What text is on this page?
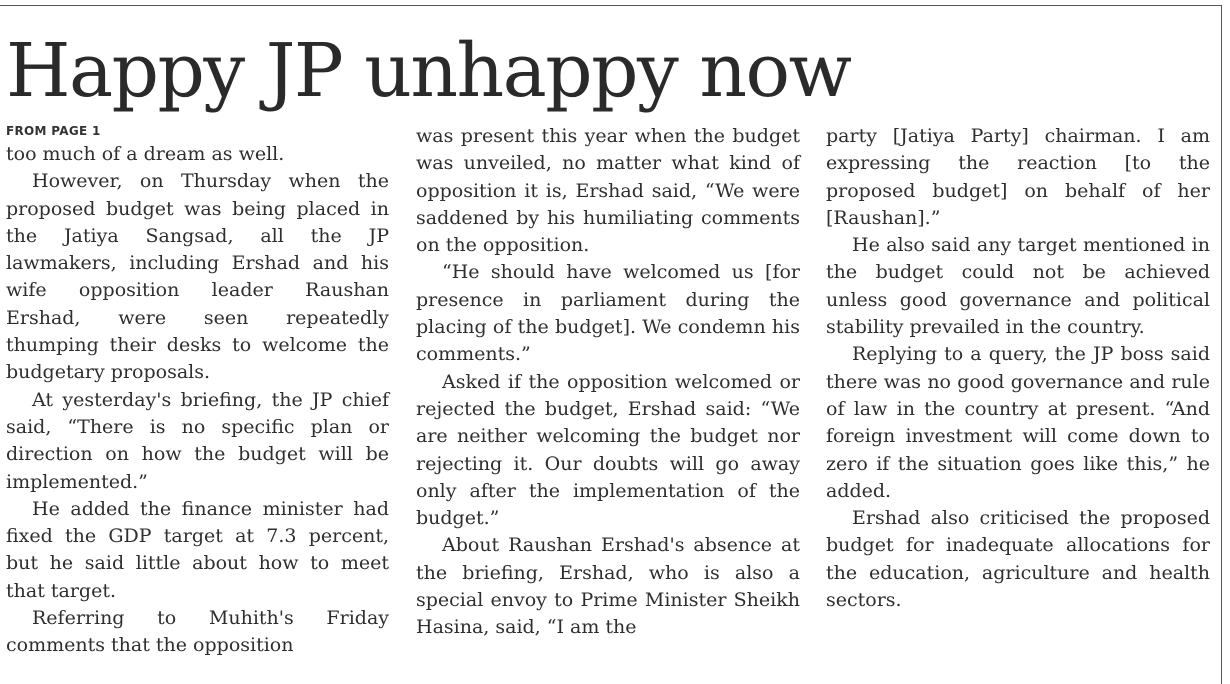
Happy JP unhappy now
FROM PAGE 1

too much of a dream as well.

However, on Thursday when the proposed budget was being placed in the Jatiya Sangsad, all the JP lawmakers, including Ershad and his wife opposition leader Raushan Ershad, were seen repeatedly thumping their desks to welcome the budgetary proposals.

At yesterday's briefing, the JP chief said, “There is no specific plan or direction on how the budget will be implemented.”

He added the finance minister had fixed the GDP target at 7.3 percent, but he said little about how to meet that target.

Referring to Muhith's Friday comments that the opposition

was present this year when the budget was unveiled, no matter what kind of opposition it is, Ershad said, “We were saddened by his humiliating comments on the opposition.

“He should have welcomed us [for presence in parliament during the placing of the budget]. We condemn his comments.”

Asked if the opposition welcomed or rejected the budget, Ershad said: “We are neither welcoming the budget nor rejecting it. Our doubts will go away only after the implementation of the budget.”

About Raushan Ershad's absence at the briefing, Ershad, who is also a special envoy to Prime Minister Sheikh Hasina, said, “I am the

party [Jatiya Party] chairman. I am expressing the reaction [to the proposed budget] on behalf of her [Raushan].”

He also said any target mentioned in the budget could not be achieved unless good governance and political stability prevailed in the country.

Replying to a query, the JP boss said there was no good governance and rule of law in the country at present. “And foreign investment will come down to zero if the situation goes like this,” he added.

Ershad also criticised the proposed budget for inadequate allocations for the education, agriculture and health sectors.
